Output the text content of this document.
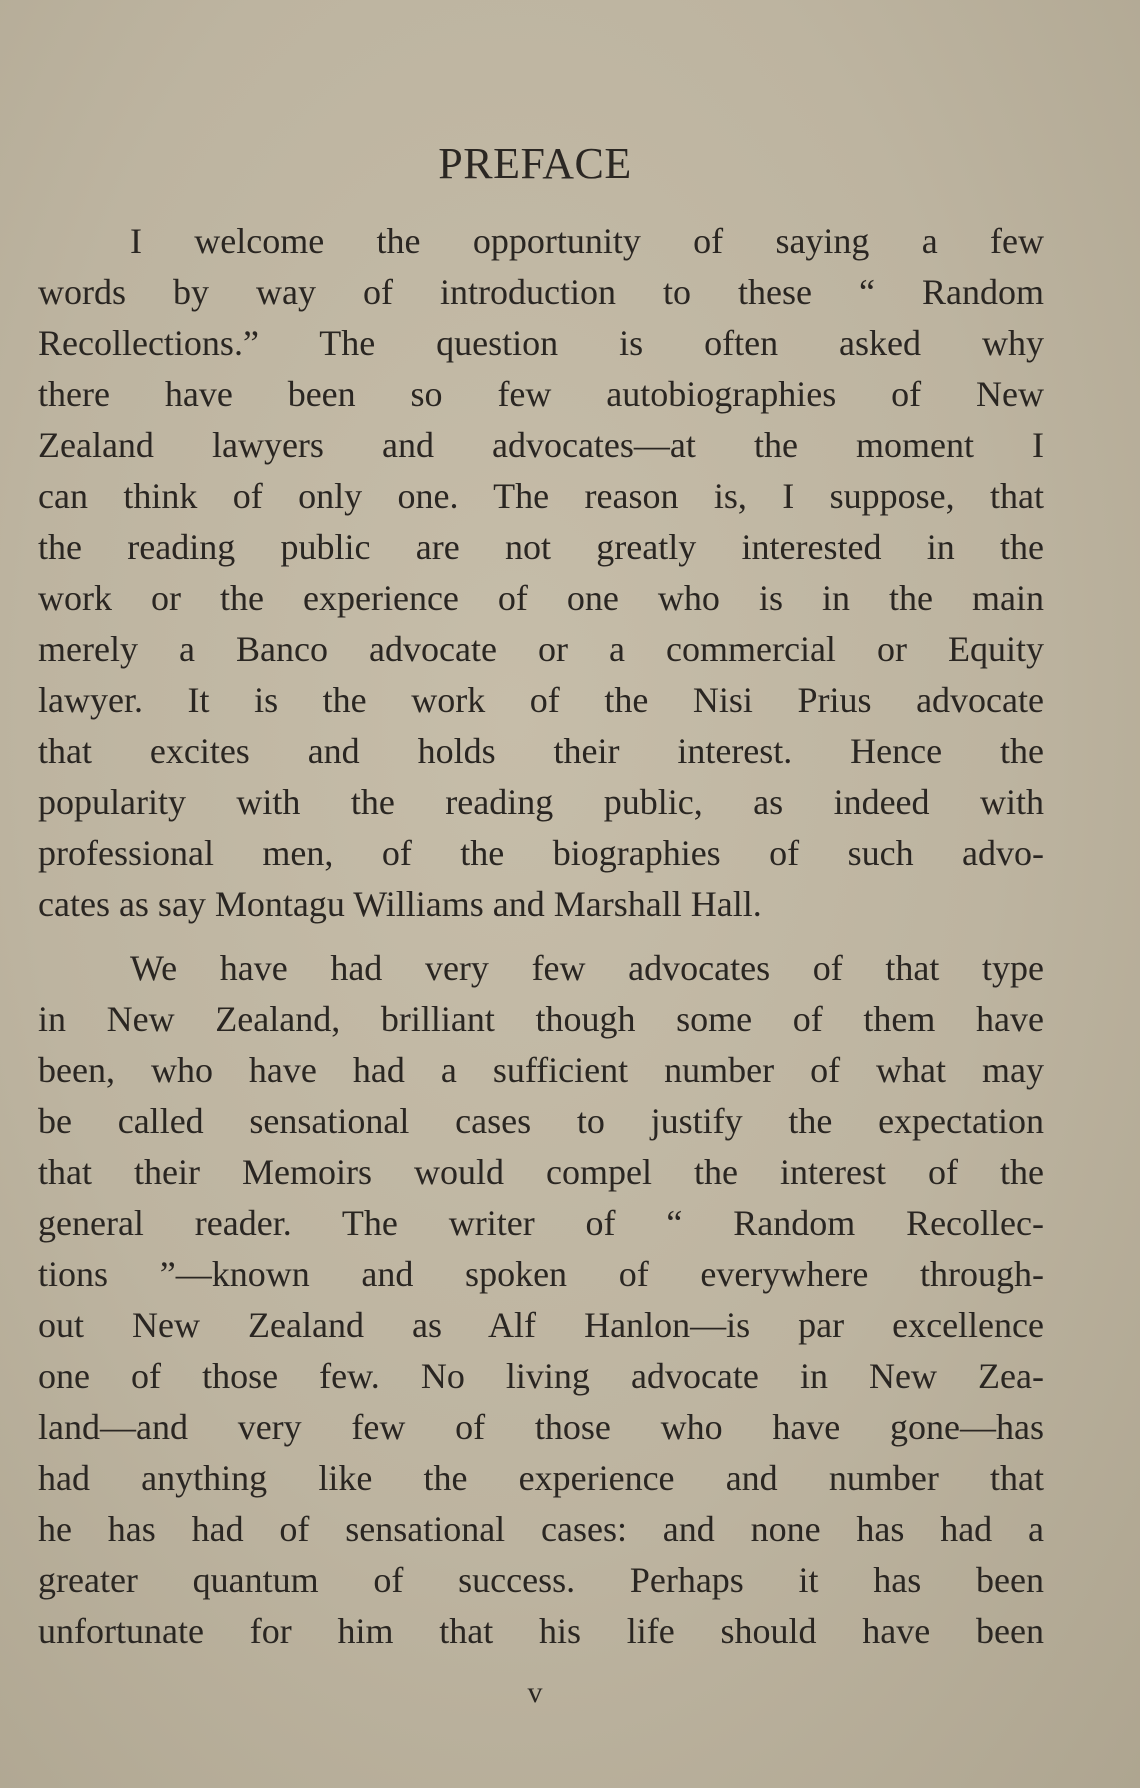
PREFACE
I welcome the opportunity of saying a few
words by way of introduction to these “ Random
Recollections.” The question is often asked why
there have been so few autobiographies of New
Zealand lawyers and advocates—at the moment I
can think of only one. The reason is, I suppose, that
the reading public are not greatly interested in the
work or the experience of one who is in the main
merely a Banco advocate or a commercial or Equity
lawyer. It is the work of the Nisi Prius advocate
that excites and holds their interest. Hence the
popularity with the reading public, as indeed with
professional men, of the biographies of such advo-
cates as say Montagu Williams and Marshall Hall.
We have had very few advocates of that type
in New Zealand, brilliant though some of them have
been, who have had a sufficient number of what may
be called sensational cases to justify the expectation
that their Memoirs would compel the interest of the
general reader. The writer of “ Random Recollec-
tions ”—known and spoken of everywhere through-
out New Zealand as Alf Hanlon—is par excellence
one of those few. No living advocate in New Zea-
land—and very few of those who have gone—has
had anything like the experience and number that
he has had of sensational cases: and none has had a
greater quantum of success. Perhaps it has been
unfortunate for him that his life should have been
v
